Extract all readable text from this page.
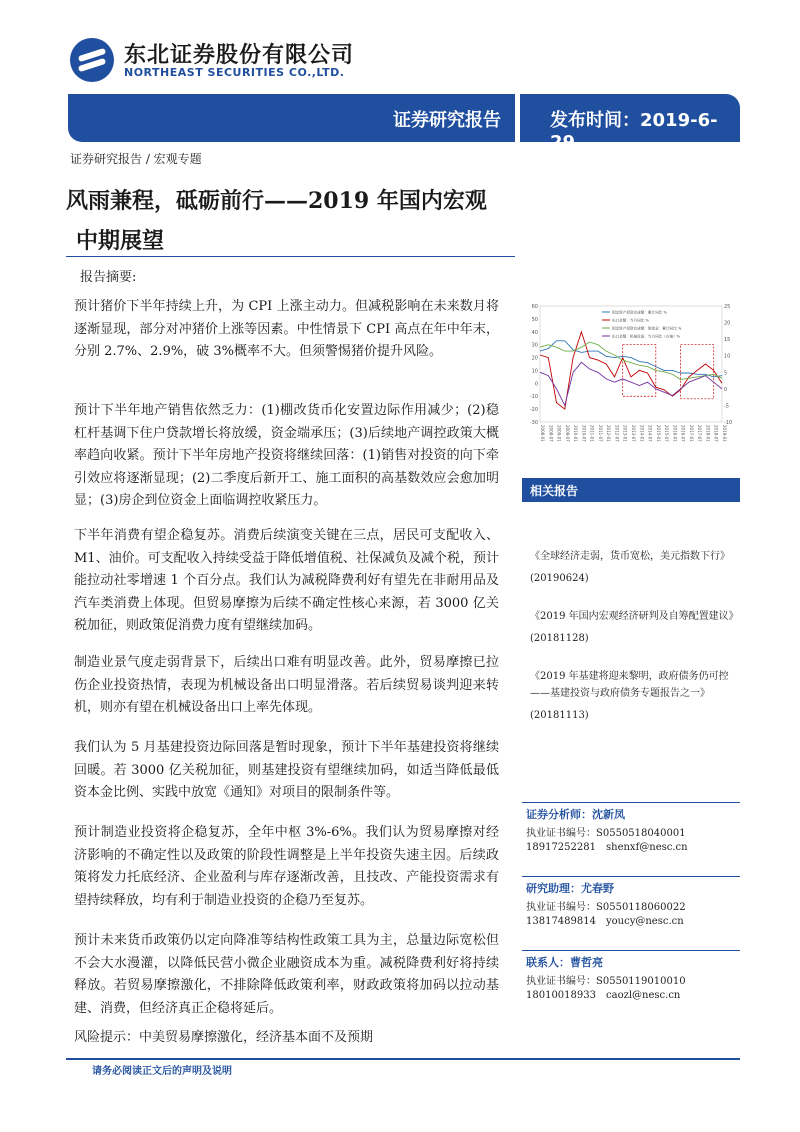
东北证券股份有限公司
NORTHEAST SECURITIES CO.,LTD.
证券研究报告	发布时间：2019-6-29
证券研究报告 / 宏观专题
风雨兼程，砥砺前行——2019 年国内宏观
中期展望
报告摘要:
预计猪价下半年持续上升，为 CPI 上涨主动力。但减税影响在未来数月将逐渐显现，部分对冲猪价上涨等因素。中性情景下 CPI 高点在年中年末，分别 2.7%、2.9%，破 3%概率不大。但须警惕猪价提升风险。
预计下半年地产销售依然乏力：(1)棚改货币化安置边际作用减少；(2)稳杠杆基调下住户贷款增长将放缓，资金端承压；(3)后续地产调控政策大概率趋向收紧。预计下半年房地产投资将继续回落：(1)销售对投资的向下牵引效应将逐渐显现；(2)二季度后新开工、施工面积的高基数效应会愈加明显；(3)房企到位资金上面临调控收紧压力。
下半年消费有望企稳复苏。消费后续演变关键在三点，居民可支配收入、M1、油价。可支配收入持续受益于降低增值税、社保减负及减个税，预计能拉动社零增速 1 个百分点。我们认为减税降费利好有望先在非耐用品及汽车类消费上体现。但贸易摩擦为后续不确定性核心来源，若 3000 亿关税加征，则政策促消费力度有望继续加码。
制造业景气度走弱背景下，后续出口难有明显改善。此外，贸易摩擦已拉伤企业投资热情，表现为机械设备出口明显滑落。若后续贸易谈判迎来转机，则亦有望在机械设备出口上率先体现。
我们认为 5 月基建投资边际回落是暂时现象，预计下半年基建投资将继续回暖。若 3000 亿关税加征，则基建投资有望继续加码，如适当降低最低资本金比例、实践中放宽《通知》对项目的限制条件等。
预计制造业投资将企稳复苏，全年中枢 3%-6%。我们认为贸易摩擦对经济影响的不确定性以及政策的阶段性调整是上半年投资失速主因。后续政策将发力托底经济、企业盈利与库存逐渐改善，且技改、产能投资需求有望持续释放，均有利于制造业投资的企稳乃至复苏。
预计未来货币政策仍以定向降准等结构性政策工具为主，总量边际宽松但不会大水漫灌，以降低民营小微企业融资成本为重。减税降费利好将持续释放。若贸易摩擦激化，不排除降低政策利率，财政政策将加码以拉动基建、消费，但经济真正企稳将延后。
风险提示：中美贸易摩擦激化，经济基本面不及预期
60
50
40
30
20
10
0
-10
-20
-30
25
20
15
10
5
0
-5
-10
2008-01 2008-07 2009-01 2009-07 2010-01 2010-07 2011-01 2011-07 2012-01 2012-07 2013-01 2013-07 2014-01 2014-07 2015-01 2015-07 2016-01 2016-07 2017-01 2017-07 2018-01 2018-07 2019-01
固定资产投资完成额：累计同比 %
出口金额：当月同比 %
固定资产投资完成额：制造业：累计同比 %
出口金额：机械设备：当月同比（右轴）%
相关报告
《全球经济走弱，货币宽松，美元指数下行》
(20190624)
《2019 年国内宏观经济研判及自筹配置建议》
(20181128)
《2019 年基建将迎来黎明，政府债务仍可控——基建投资与政府债务专题报告之一》
(20181113)
证券分析师：沈新凤
执业证书编号：S0550518040001
18917252281 shenxf@nesc.cn
研究助理：尤春野
执业证书编号：S0550118060022
13817489814 youcy@nesc.cn
联系人：曹哲亮
执业证书编号：S0550119010010
18010018933 caozl@nesc.cn
请务必阅读正文后的声明及说明
